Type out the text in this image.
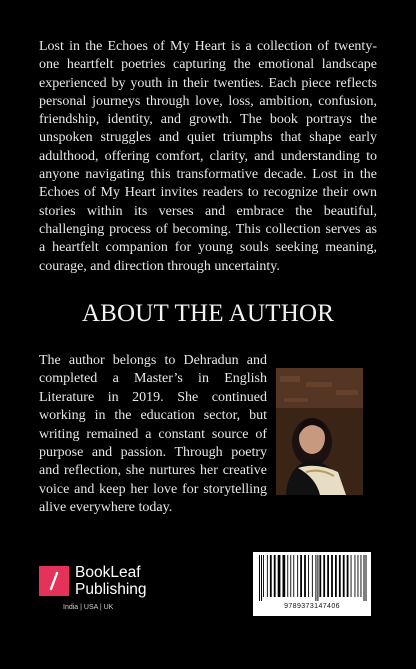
Lost in the Echoes of My Heart is a collection of twenty-one heartfelt poetries capturing the emotional landscape experienced by youth in their twenties. Each piece reflects personal journeys through love, loss, ambition, confusion, friendship, identity, and growth. The book portrays the unspoken struggles and quiet triumphs that shape early adulthood, offering comfort, clarity, and understanding to anyone navigating this transformative decade. Lost in the Echoes of My Heart invites readers to recognize their own stories within its verses and embrace the beautiful, challenging process of becoming. This collection serves as a heartfelt companion for young souls seeking meaning, courage, and direction through uncertainty.

ABOUT THE AUTHOR

The author belongs to Dehradun and completed a Master’s in English Literature in 2019. She continued working in the education sector, but writing remained a constant source of purpose and passion. Through poetry and reflection, she nurtures her creative voice and keep her love for storytelling alive everywhere today.

BookLeaf
Publishing
India | USA | UK	9789373147406
